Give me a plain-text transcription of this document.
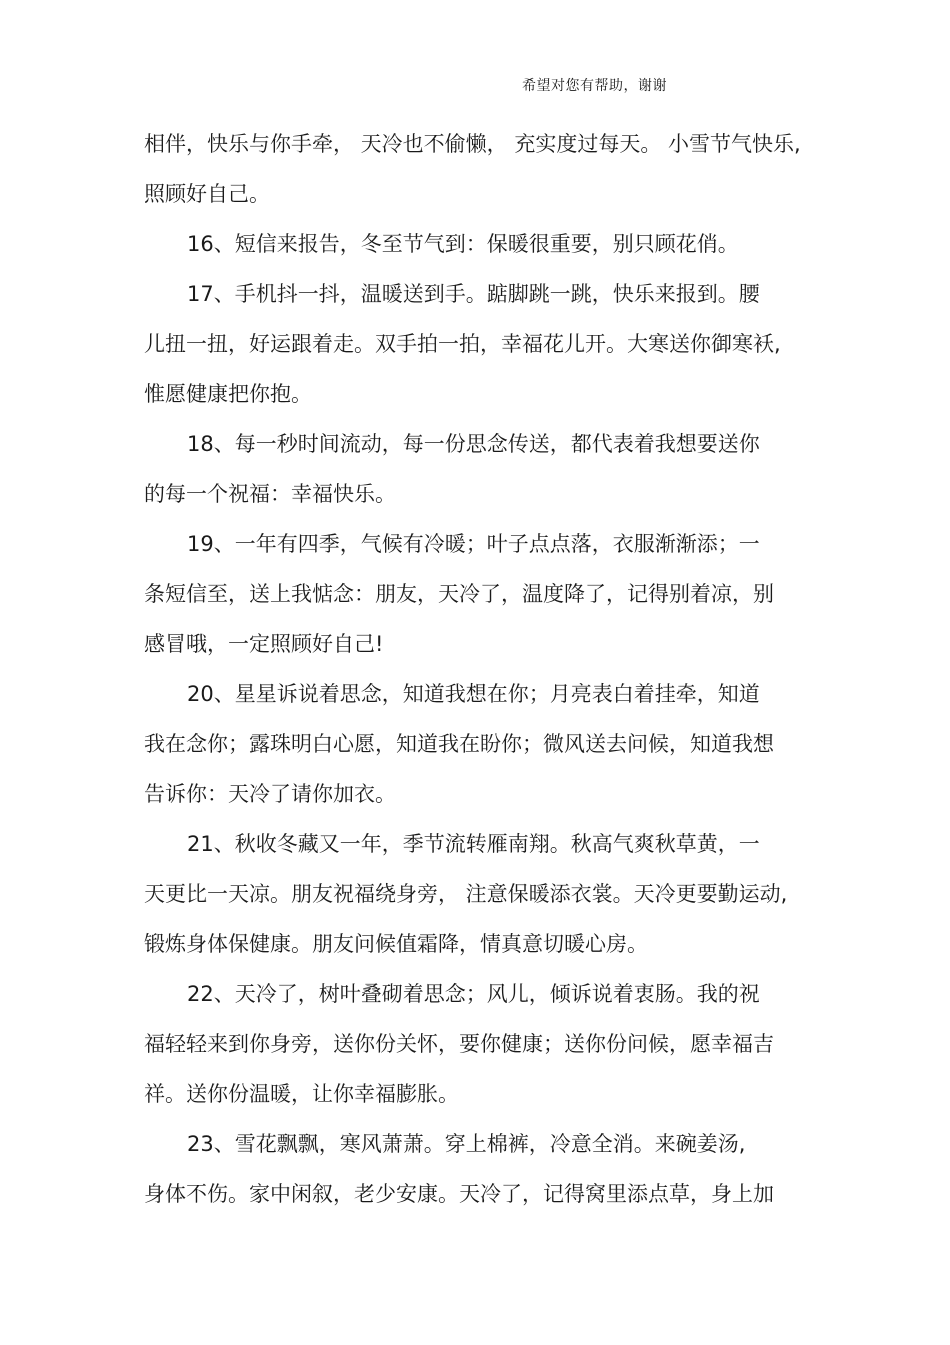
希望对您有帮助，谢谢
相伴，快乐与你手牵， 天冷也不偷懒， 充实度过每天。 小雪节气快乐,
照顾好自己。
16、短信来报告，冬至节气到：保暖很重要，别只顾花俏。
17、手机抖一抖，温暖送到手。踮脚跳一跳，快乐来报到。腰
儿扭一扭，好运跟着走。双手拍一拍，幸福花儿开。大寒送你御寒袄,
惟愿健康把你抱。
18、每一秒时间流动，每一份思念传送，都代表着我想要送你
的每一个祝福：幸福快乐。
19、一年有四季，气候有冷暖；叶子点点落，衣服渐渐添；一
条短信至，送上我惦念：朋友，天冷了，温度降了，记得别着凉，别
感冒哦，一定照顾好自己!
20、星星诉说着思念，知道我想在你；月亮表白着挂牵，知道
我在念你；露珠明白心愿，知道我在盼你；微风送去问候，知道我想
告诉你：天冷了请你加衣。
21、秋收冬藏又一年，季节流转雁南翔。秋高气爽秋草黄，一
天更比一天凉。朋友祝福绕身旁， 注意保暖添衣裳。天冷更要勤运动,
锻炼身体保健康。朋友问候值霜降，情真意切暖心房。
22、天冷了，树叶叠砌着思念；风儿，倾诉说着衷肠。我的祝
福轻轻来到你身旁，送你份关怀，要你健康；送你份问候，愿幸福吉
祥。送你份温暖，让你幸福膨胀。
23、雪花飘飘，寒风萧萧。穿上棉裤，冷意全消。来碗姜汤,
身体不伤。家中闲叙，老少安康。天冷了，记得窝里添点草，身上加
